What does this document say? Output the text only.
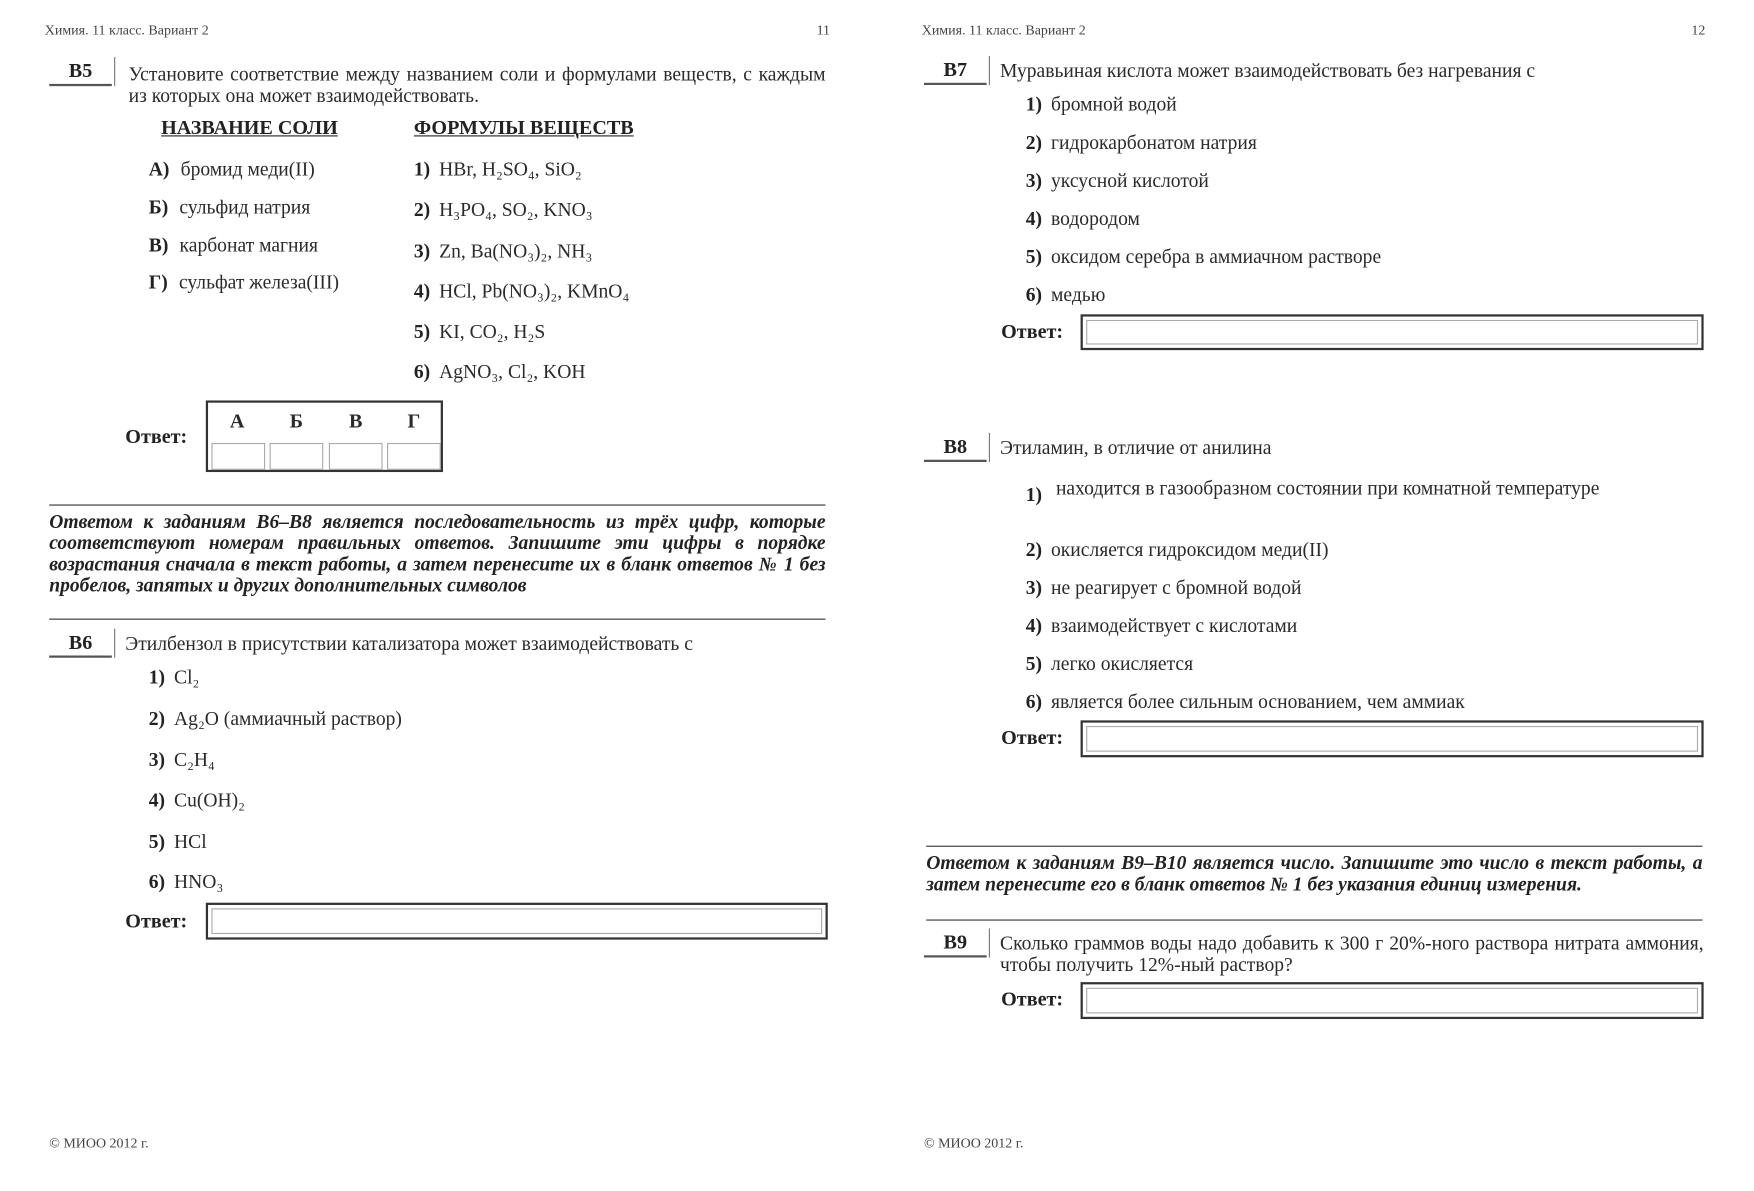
Химия. 11 класс. Вариант 2	11
В5	Установите соответствие между названием соли и формулами веществ, с каждым из которых она может взаимодействовать.
НАЗВАНИЕ СОЛИ	ФОРМУЛЫ ВЕЩЕСТВ
А) бромид меди(II)
Б) сульфид натрия
В) карбонат магния
Г) сульфат железа(III)
1) HBr, H₂SO₄, SiO₂
2) H₃PO₄, SO₂, KNO₃
3) Zn, Ba(NO₃)₂, NH₃
4) HCl, Pb(NO₃)₂, KMnO₄
5) KI, CO₂, H₂S
6) AgNO₃, Cl₂, KOH
Ответ:
А	Б	В	Г
Ответом к заданиям В6–В8 является последовательность из трёх цифр, которые соответствуют номерам правильных ответов. Запишите эти цифры в порядке возрастания сначала в текст работы, а затем перенесите их в бланк ответов № 1 без пробелов, запятых и других дополнительных символов
В6	Этилбензол в присутствии катализатора может взаимодействовать с
1) Cl₂
2) Ag₂O (аммиачный раствор)
3) C₂H₄
4) Cu(OH)₂
5) HCl
6) HNO₃
Ответ:
© МИОО 2012 г.
Химия. 11 класс. Вариант 2	12
В7	Муравьиная кислота может взаимодействовать без нагревания с
1) бромной водой
2) гидрокарбонатом натрия
3) уксусной кислотой
4) водородом
5) оксидом серебра в аммиачном растворе
6) медью
Ответ:
В8	Этиламин, в отличие от анилина
1) находится в газообразном состоянии при комнатной температуре
2) окисляется гидроксидом меди(II)
3) не реагирует с бромной водой
4) взаимодействует с кислотами
5) легко окисляется
6) является более сильным основанием, чем аммиак
Ответ:
Ответом к заданиям В9–В10 является число. Запишите это число в текст работы, а затем перенесите его в бланк ответов № 1 без указания единиц измерения.
В9	Сколько граммов воды надо добавить к 300 г 20%-ного раствора нитрата аммония, чтобы получить 12%-ный раствор?
Ответ:
© МИОО 2012 г.
